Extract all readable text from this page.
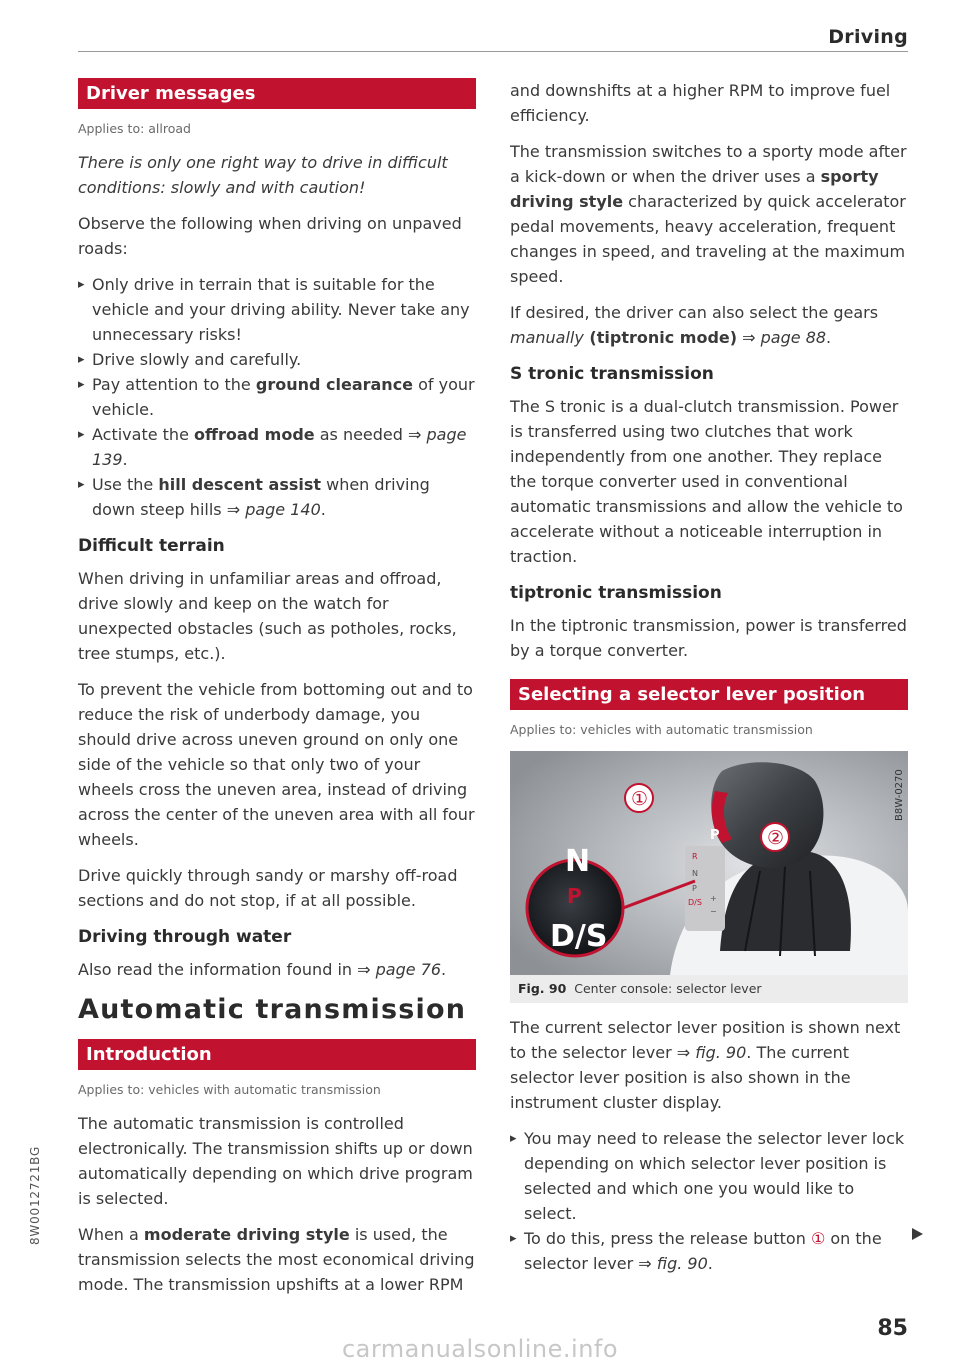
Driving

Driver messages

Applies to: allroad

There is only one right way to drive in difficult conditions: slowly and with caution!

Observe the following when driving on unpaved roads:

▸ Only drive in terrain that is suitable for the vehicle and your driving ability. Never take any unnecessary risks!
▸ Drive slowly and carefully.
▸ Pay attention to the ground clearance of your vehicle.
▸ Activate the offroad mode as needed ⇒ page 139.
▸ Use the hill descent assist when driving down steep hills ⇒ page 140.
Difficult terrain

When driving in unfamiliar areas and offroad, drive slowly and keep on the watch for unexpected obstacles (such as potholes, rocks, tree stumps, etc.).

To prevent the vehicle from bottoming out and to reduce the risk of underbody damage, you should drive across uneven ground on only one side of the vehicle so that only two of your wheels cross the uneven area, instead of driving across the center of the uneven area with all four wheels.

Drive quickly through sandy or marshy off-road sections and do not stop, if at all possible.

Driving through water

Also read the information found in ⇒ page 76.

Automatic transmission

Introduction

Applies to: vehicles with automatic transmission

The automatic transmission is controlled electronically. The transmission shifts up or down automatically depending on which drive program is selected.

When a moderate driving style is used, the transmission selects the most economical driving mode. The transmission upshifts at a lower RPM

and downshifts at a higher RPM to improve fuel efficiency.

The transmission switches to a sporty mode after a kick-down or when the driver uses a sporty driving style characterized by quick accelerator pedal movements, heavy acceleration, frequent changes in speed, and traveling at the maximum speed.

If desired, the driver can also select the gears manually (tiptronic mode) ⇒ page 88.

S tronic transmission

The S tronic is a dual-clutch transmission. Power is transferred using two clutches that work independently from one another. They replace the torque converter used in conventional automatic transmissions and allow the vehicle to accelerate without a noticeable interruption in traction.

tiptronic transmission

In the tiptronic transmission, power is transferred by a torque converter.

Selecting a selector lever position

Applies to: vehicles with automatic transmission

P
R
N
P
D/S +
−
N
P
D/S
①
②
B8W-0270

Fig. 90 Center console: selector lever

The current selector lever position is shown next to the selector lever ⇒ fig. 90. The current selector lever position is also shown in the instrument cluster display.

▸ You may need to release the selector lever lock depending on which selector lever position is selected and which one you would like to select.
▸ To do this, press the release button ① on the selector lever ⇒ fig. 90.
8W0012721BG
85
carmanualsonline.info
